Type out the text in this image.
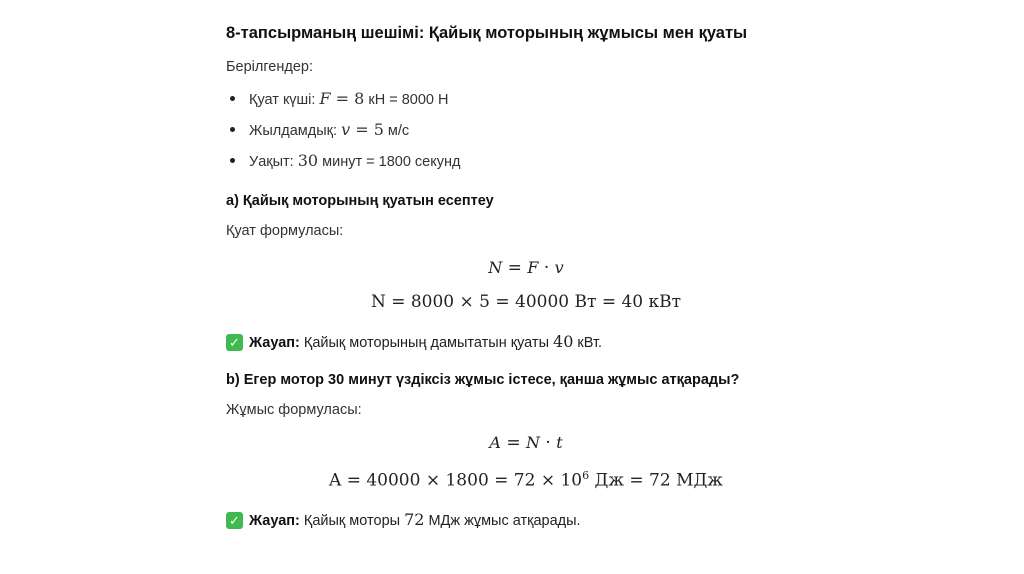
8-тапсырманың шешімі: Қайық моторының жұмысы мен қуаты
Берілгендер:
Қуат күші: F = 8 кН = 8000 Н
Жылдамдық: v = 5 м/с
Уақыт: 30 минут = 1800 секунд
a) Қайық моторының қуатын есептеу
Қуат формуласы:
N = F · v
N = 8000 × 5 = 40000 Вт = 40 кВт
✓ Жауап: Қайық моторының дамытатын қуаты 40 кВт.
b) Егер мотор 30 минут үздіксіз жұмыс істесе, қанша жұмыс атқарады?
Жұмыс формуласы:
A = N · t
$A = 40000 \times 1800 = 72 \times 10^6$ Дж = 72 МДж
✓ Жауап: Қайық моторы 72 МДж жұмыс атқарады.
